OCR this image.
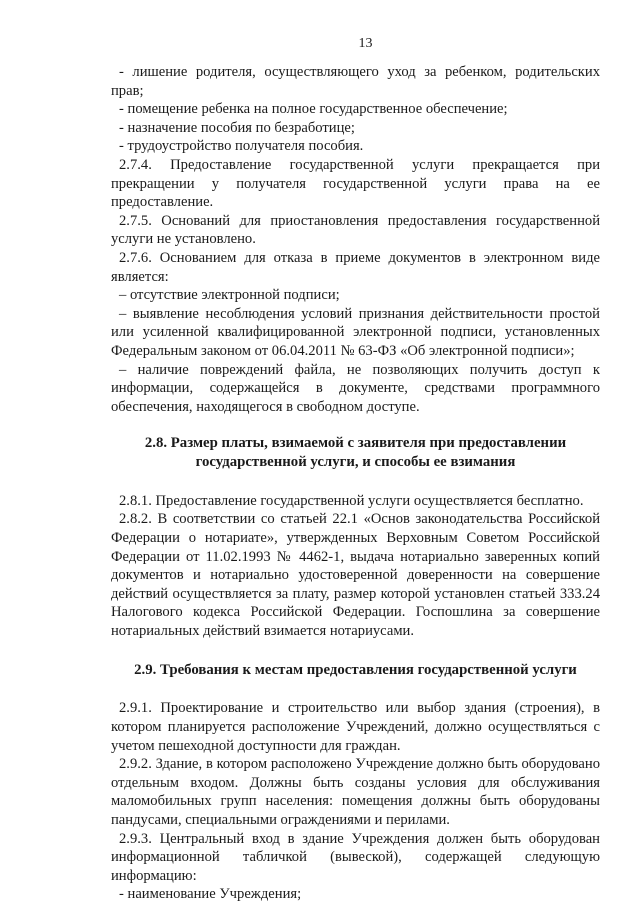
13

- лишение родителя, осуществляющего уход за ребенком, родительских прав;

- помещение ребенка на полное государственное обеспечение;

- назначение пособия по безработице;

- трудоустройство получателя пособия.

2.7.4. Предоставление государственной услуги прекращается при прекращении у получателя государственной услуги права на ее предоставление.

2.7.5. Оснований для приостановления предоставления государственной услуги не установлено.

2.7.6. Основанием для отказа в приеме документов в электронном виде является:

– отсутствие электронной подписи;

– выявление несоблюдения условий признания действительности простой или усиленной квалифицированной электронной подписи, установленных Федеральным законом от 06.04.2011 № 63-ФЗ «Об электронной подписи»;

– наличие повреждений файла, не позволяющих получить доступ к информации, содержащейся в документе, средствами программного обеспечения, находящегося в свободном доступе.

2.8. Размер платы, взимаемой с заявителя при предоставлении

государственной услуги, и способы ее взимания

2.8.1. Предоставление государственной услуги осуществляется бесплатно.

2.8.2. В соответствии со статьей 22.1 «Основ законодательства Российской Федерации о нотариате», утвержденных Верховным Советом Российской Федерации от 11.02.1993 № 4462-1, выдача нотариально заверенных копий документов и нотариально удостоверенной доверенности на совершение действий осуществляется за плату, размер которой установлен статьей 333.24 Налогового кодекса Российской Федерации. Госпошлина за совершение нотариальных действий взимается нотариусами.

2.9. Требования к местам предоставления государственной услуги

2.9.1. Проектирование и строительство или выбор здания (строения), в котором планируется расположение Учреждений, должно осуществляться с учетом пешеходной доступности для граждан.

2.9.2. Здание, в котором расположено Учреждение должно быть оборудовано отдельным входом. Должны быть созданы условия для обслуживания маломобильных групп населения: помещения должны быть оборудованы пандусами, специальными ограждениями и перилами.

2.9.3. Центральный вход в здание Учреждения должен быть оборудован информационной табличкой (вывеской), содержащей следующую информацию:

- наименование Учреждения;
